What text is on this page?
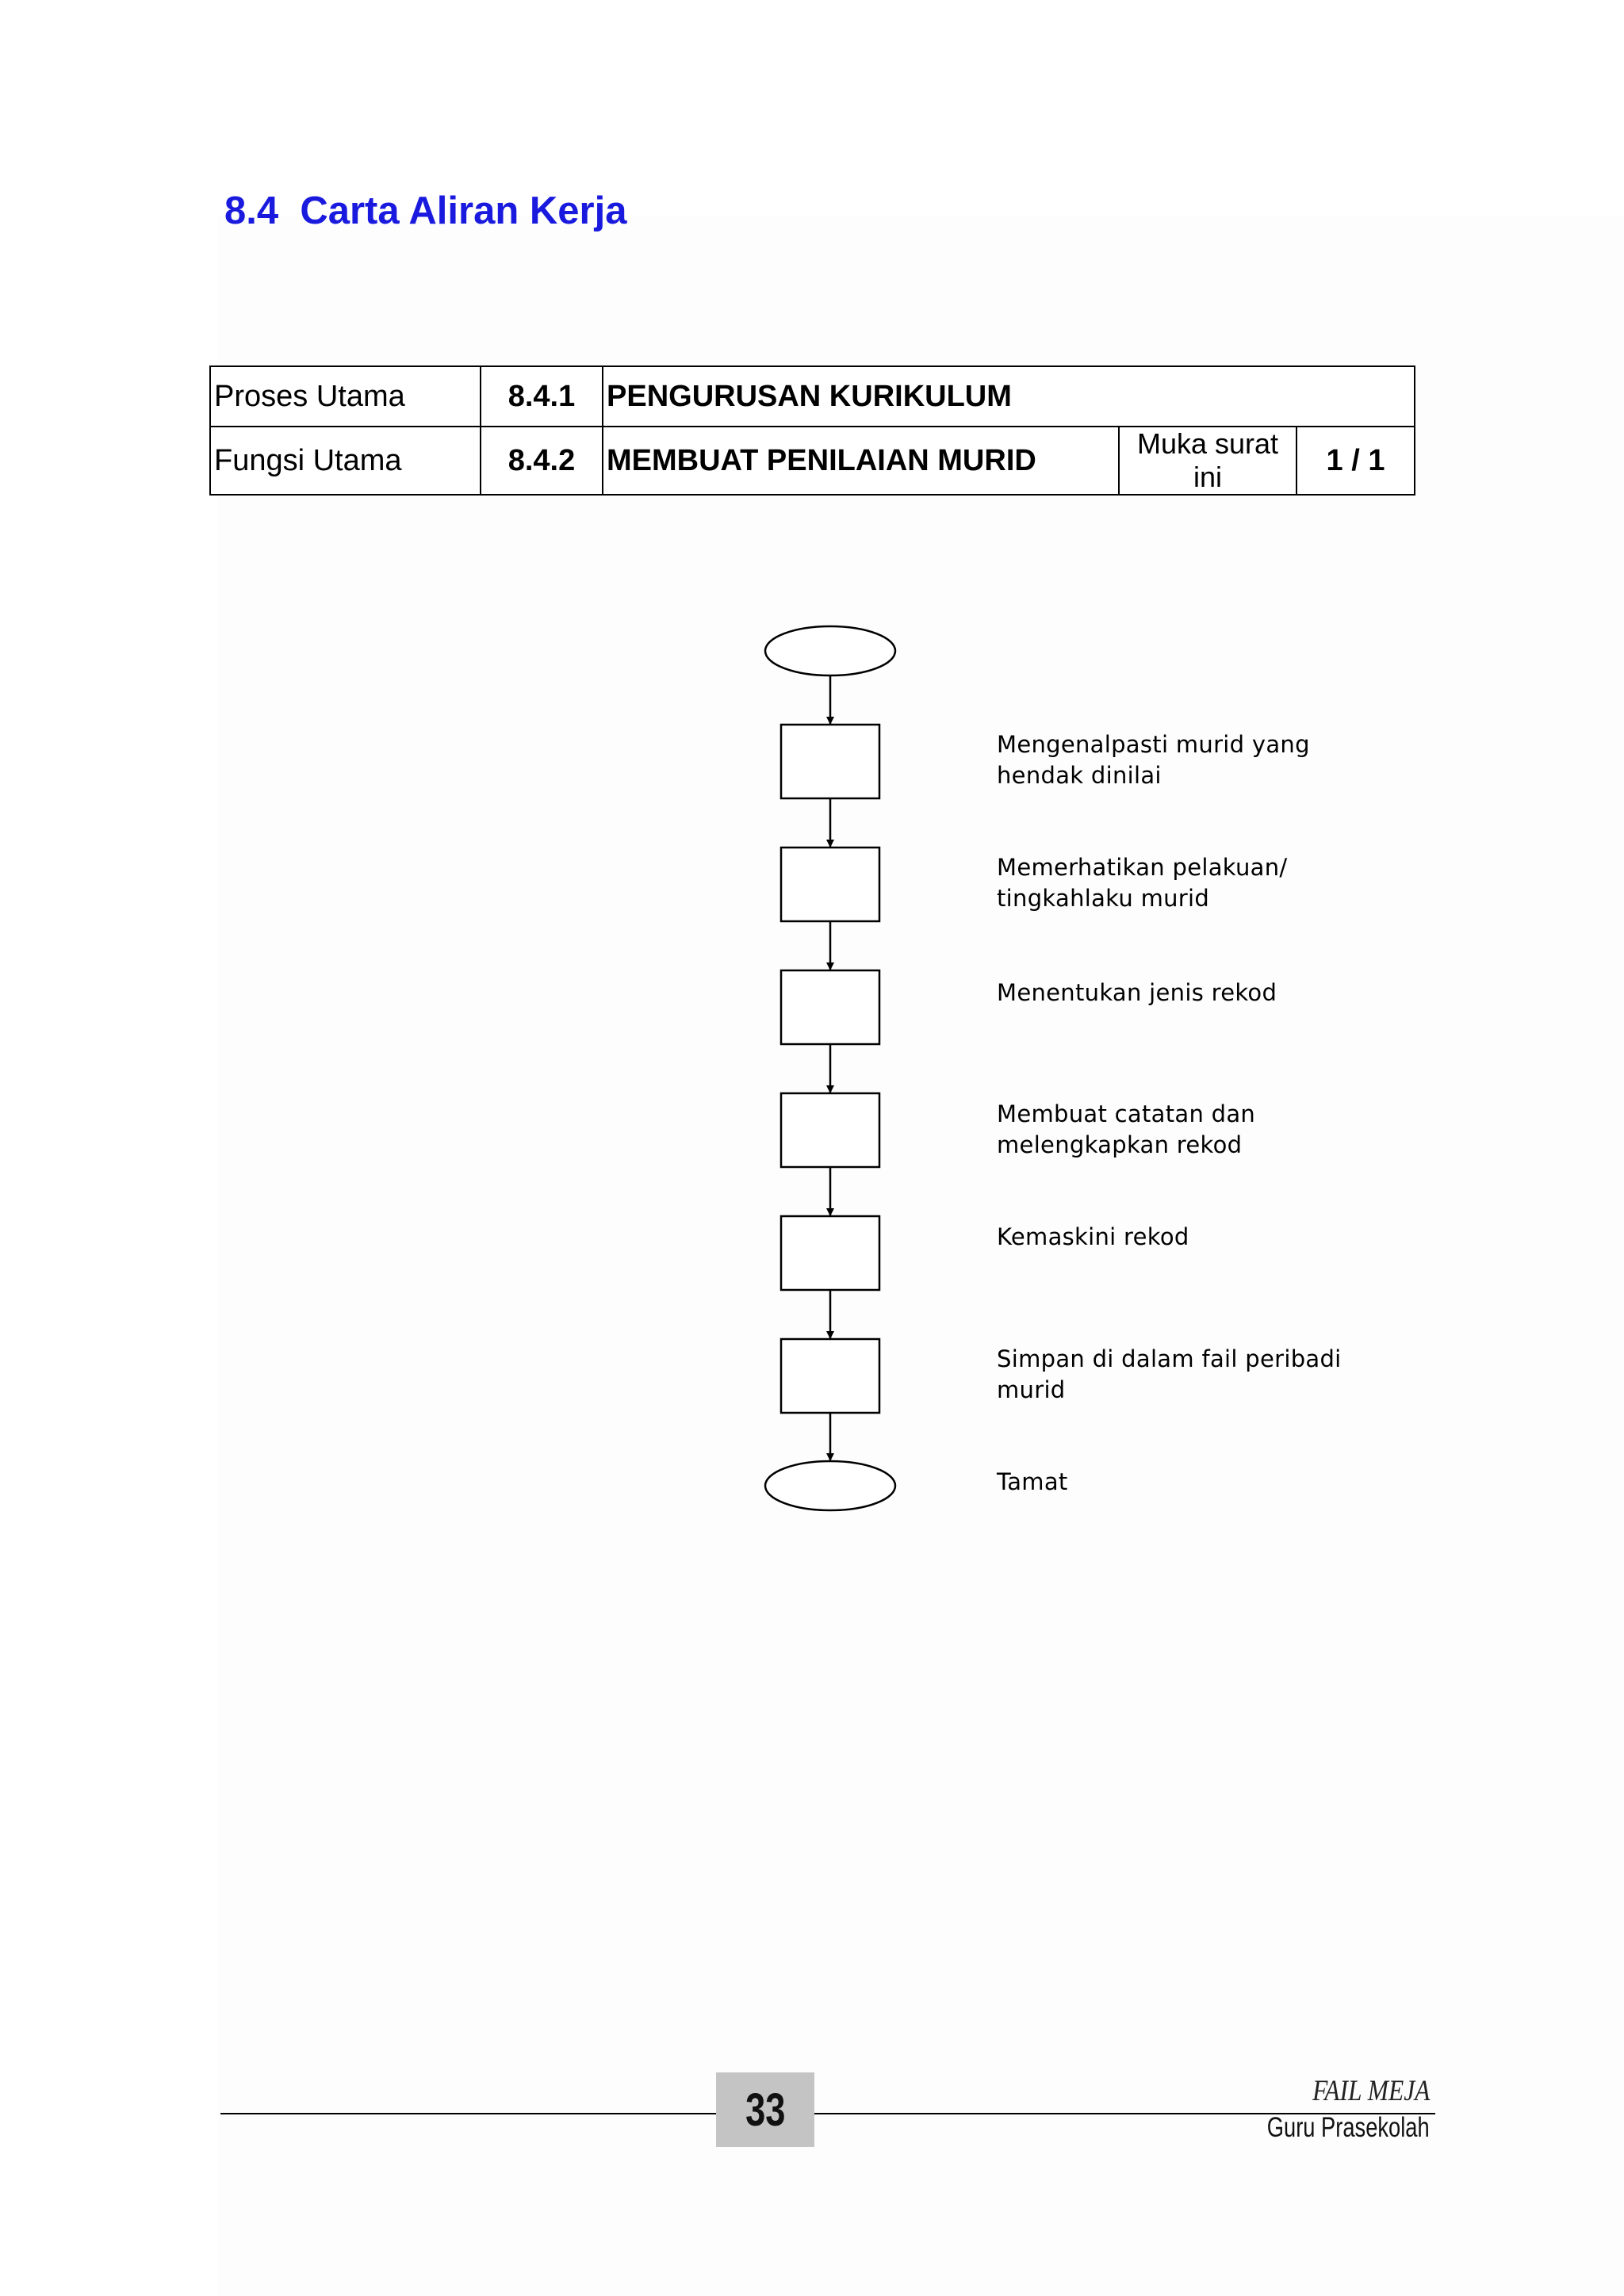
8.4  Carta Aliran Kerja
Proses Utama	8.4.1	PENGURUSAN KURIKULUM		
Fungsi Utama	8.4.2	MEMBUAT PENILAIAN MURID	Muka surat ini	1 / 1
Mengenalpasti murid yang hendak dinilai
Memerhatikan pelakuan/ tingkahlaku murid
Menentukan jenis rekod
Membuat catatan dan melengkapkan rekod
Kemaskini rekod
Simpan di dalam fail peribadi murid
Tamat
33	FAIL MEJA
Guru Prasekolah
